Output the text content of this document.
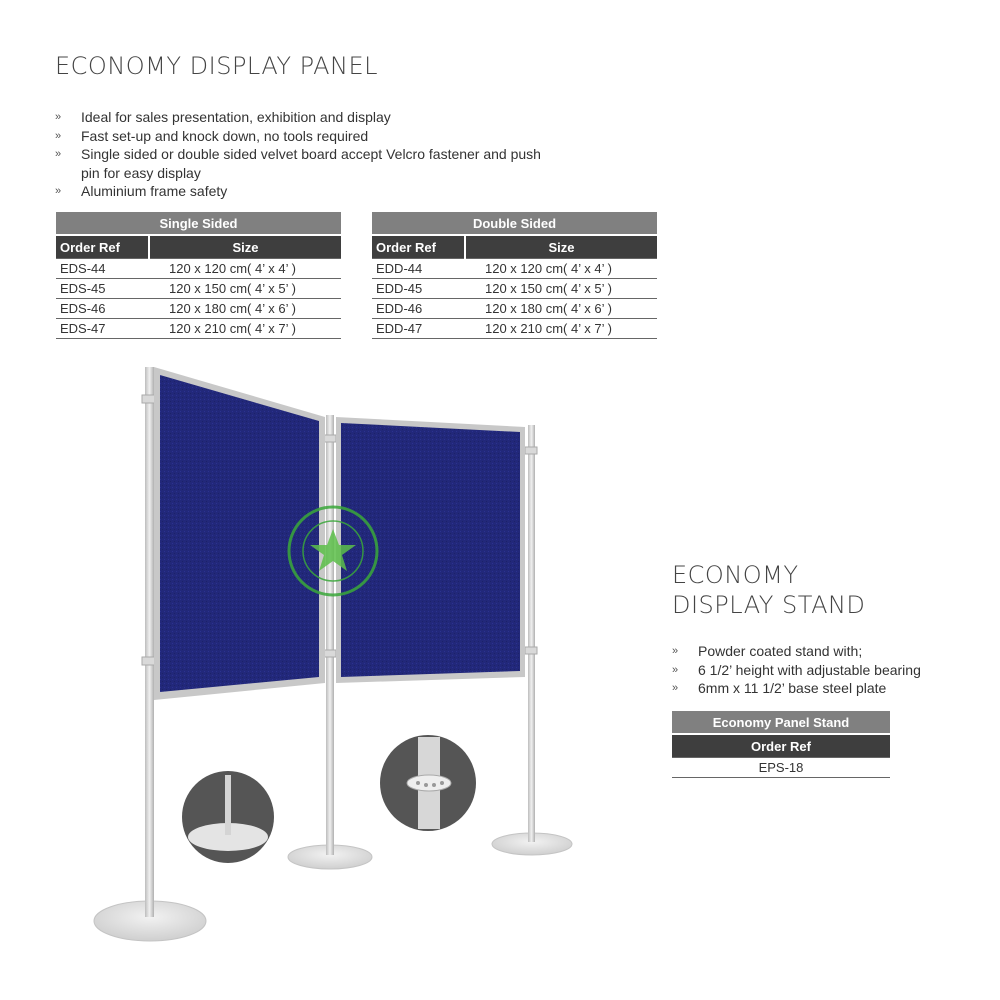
ECONOMY DISPLAY PANEL
» Ideal for sales presentation, exhibition and display
» Fast set-up and knock down, no tools required
» Single sided or double sided velvet board accept Velcro fastener and push pin for easy display
» Aluminium frame safety
Single Sided	
Order Ref	Size
EDS-44	120 x 120 cm( 4’ x 4’ )
EDS-45	120 x 150 cm( 4’ x 5’ )
EDS-46	120 x 180 cm( 4’ x 6’ )
EDS-47	120 x 210 cm( 4’ x 7’ )
Double Sided	
Order Ref	Size
EDD-44	120 x 120 cm( 4’ x 4’ )
EDD-45	120 x 150 cm( 4’ x 5’ )
EDD-46	120 x 180 cm( 4’ x 6’ )
EDD-47	120 x 210 cm( 4’ x 7’ )
ECONOMY
DISPLAY STAND
» Powder coated stand with;
» 6 1/2’ height with adjustable bearing
» 6mm x 11 1/2’ base steel plate
Economy Panel Stand
Order Ref
EPS-18
